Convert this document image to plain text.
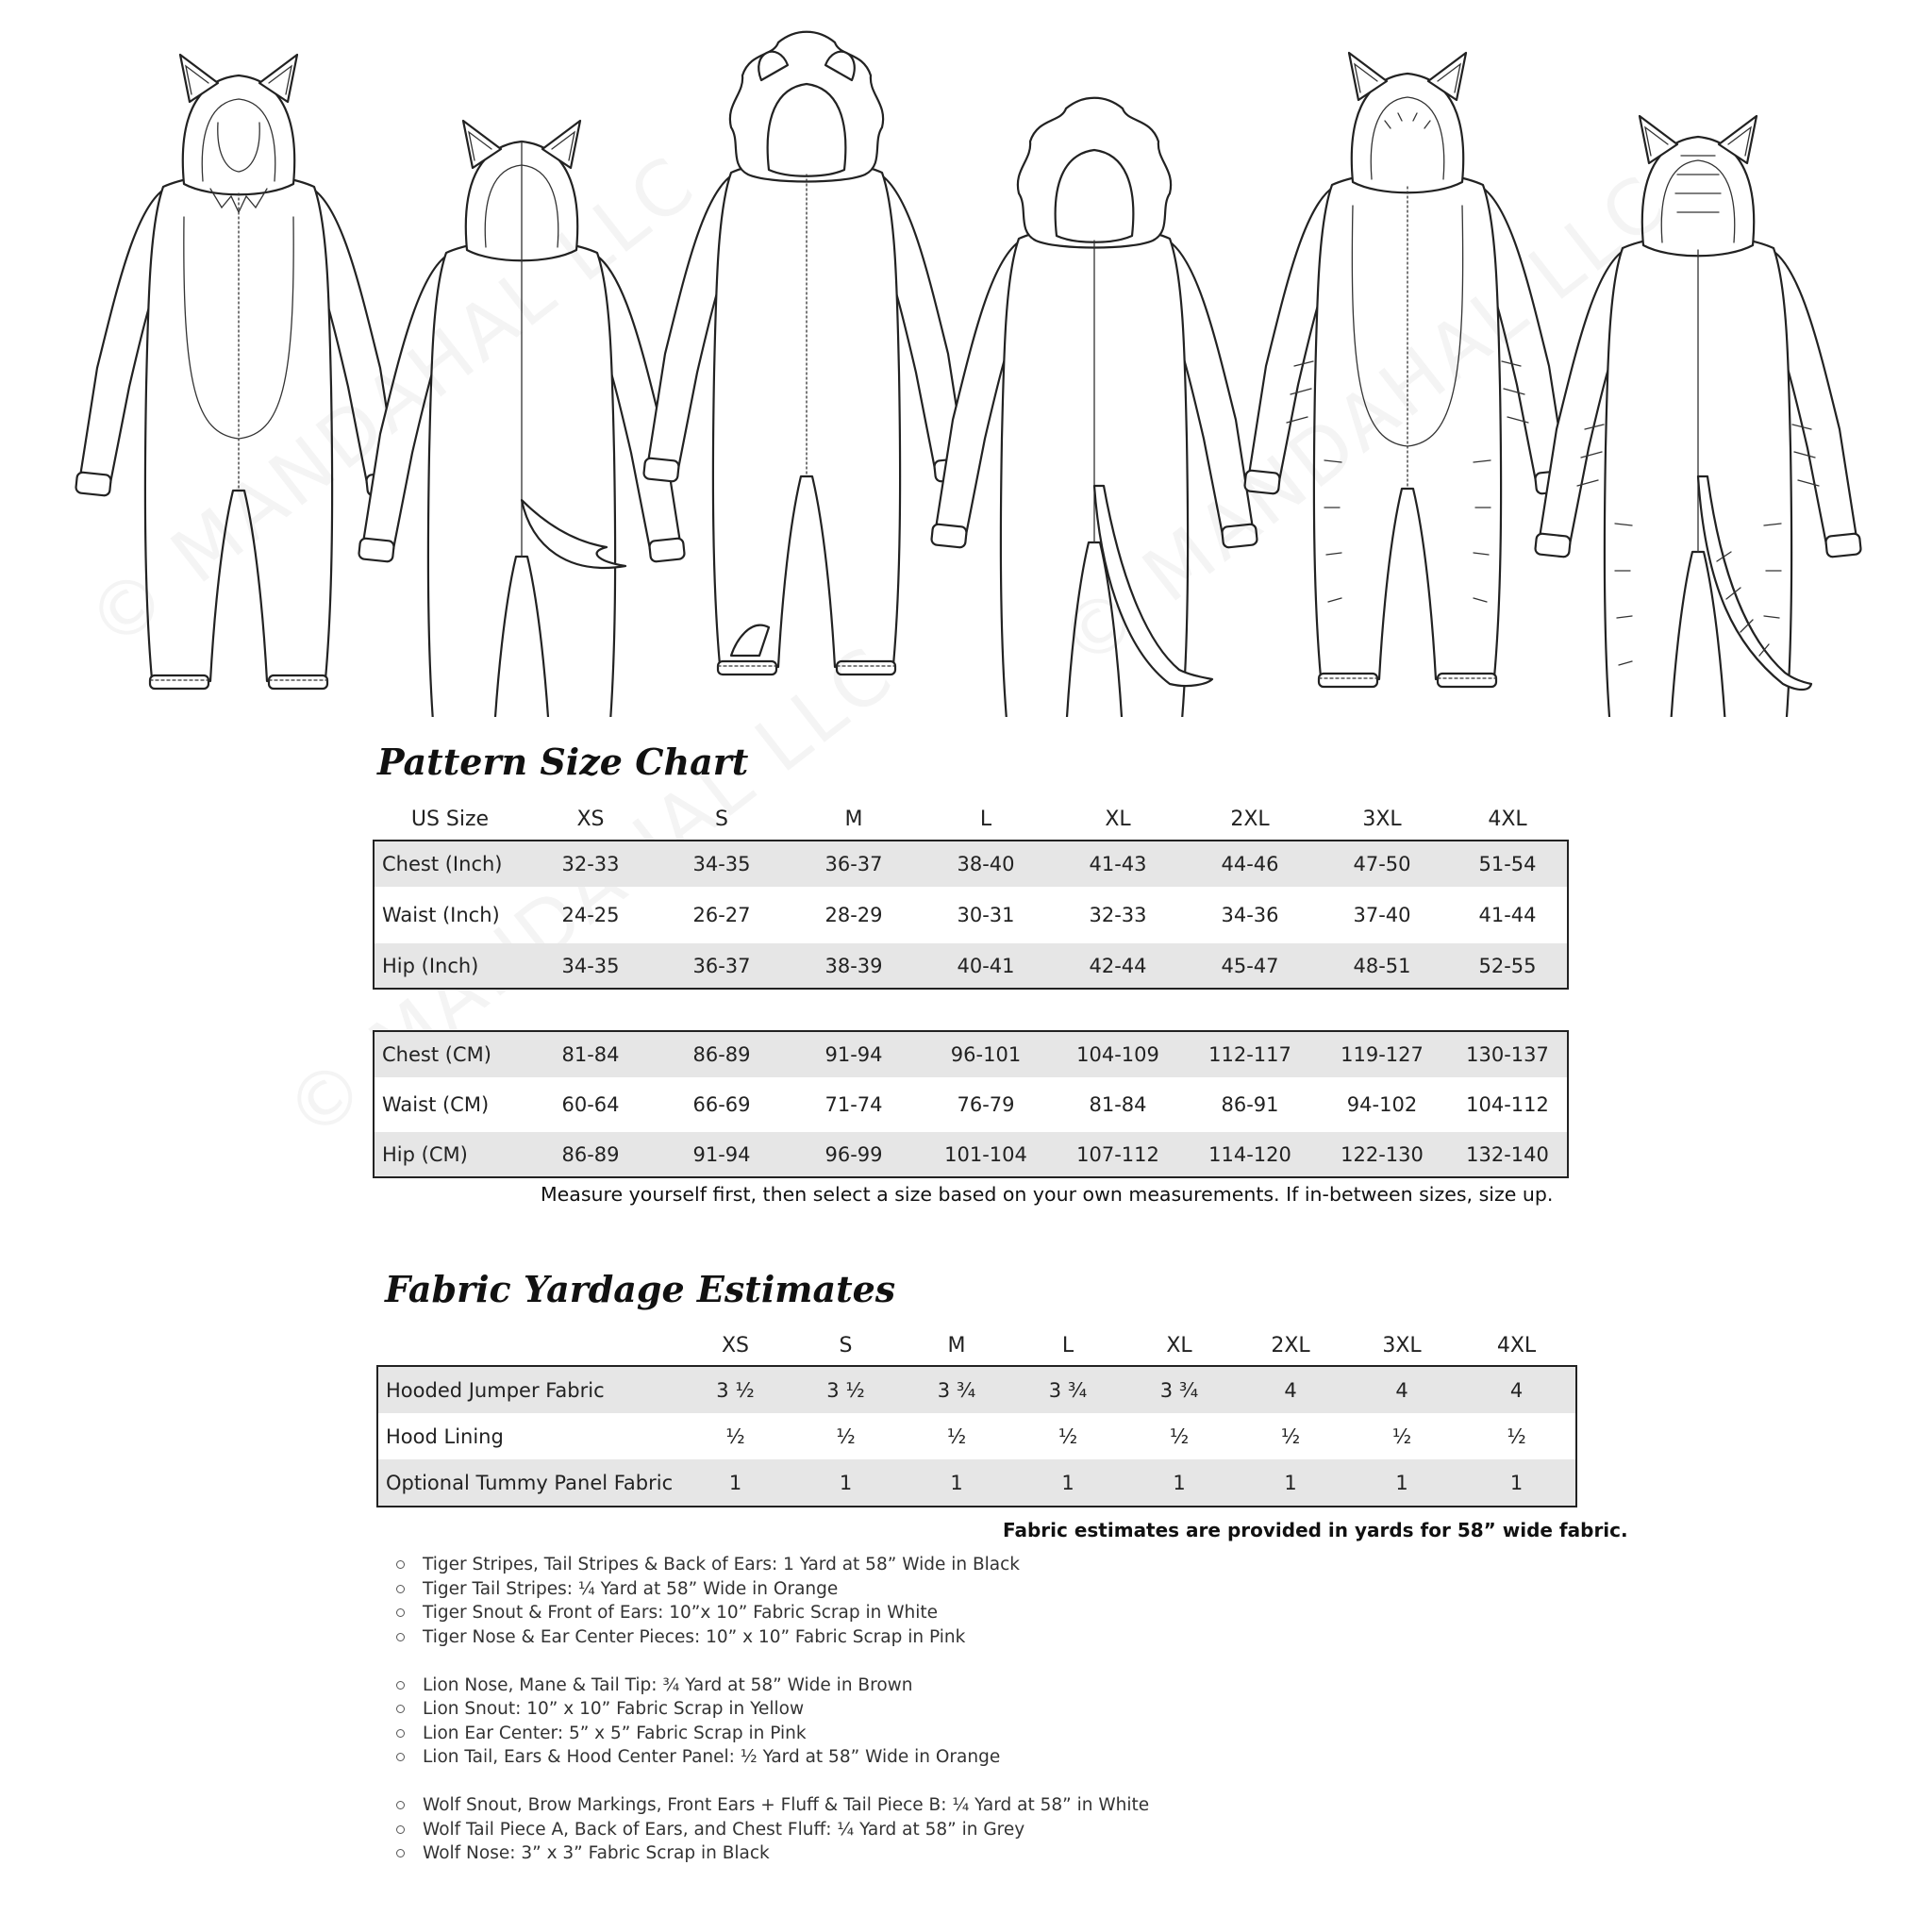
Pattern Size Chart
US Size	XS	S	M	L	XL	2XL	3XL	4XL
Chest (Inch)	32-33	34-35	36-37	38-40	41-43	44-46	47-50	51-54
Waist (Inch)	24-25	26-27	28-29	30-31	32-33	34-36	37-40	41-44
Hip (Inch)	34-35	36-37	38-39	40-41	42-44	45-47	48-51	52-55
Chest (CM)	81-84	86-89	91-94	96-101	104-109	112-117	119-127	130-137
Waist (CM)	60-64	66-69	71-74	76-79	81-84	86-91	94-102	104-112
Hip (CM)	86-89	91-94	96-99	101-104	107-112	114-120	122-130	132-140
Measure yourself first, then select a size based on your own measurements. If in-between sizes, size up.
Fabric Yardage Estimates
	XS	S	M	L	XL	2XL	3XL	4XL
Hooded Jumper Fabric	3 ½	3 ½	3 ¾	3 ¾	3 ¾	4	4	4
Hood Lining	½	½	½	½	½	½	½	½
Optional Tummy Panel Fabric	1	1	1	1	1	1	1	1
Fabric estimates are provided in yards for 58” wide fabric.
Tiger Stripes, Tail Stripes & Back of Ears: 1 Yard at 58” Wide in Black
Tiger Tail Stripes: ¼ Yard at 58” Wide in Orange
Tiger Snout & Front of Ears: 10”x 10” Fabric Scrap in White
Tiger Nose & Ear Center Pieces: 10” x 10” Fabric Scrap in Pink
Lion Nose, Mane & Tail Tip: ¾ Yard at 58” Wide in Brown
Lion Snout: 10” x 10” Fabric Scrap in Yellow
Lion Ear Center: 5” x 5” Fabric Scrap in Pink
Lion Tail, Ears & Hood Center Panel: ½ Yard at 58” Wide in Orange
Wolf Snout, Brow Markings, Front Ears + Fluff & Tail Piece B: ¼ Yard at 58” in White
Wolf Tail Piece A, Back of Ears, and Chest Fluff: ¼ Yard at 58” in Grey
Wolf Nose: 3” x 3” Fabric Scrap in Black
